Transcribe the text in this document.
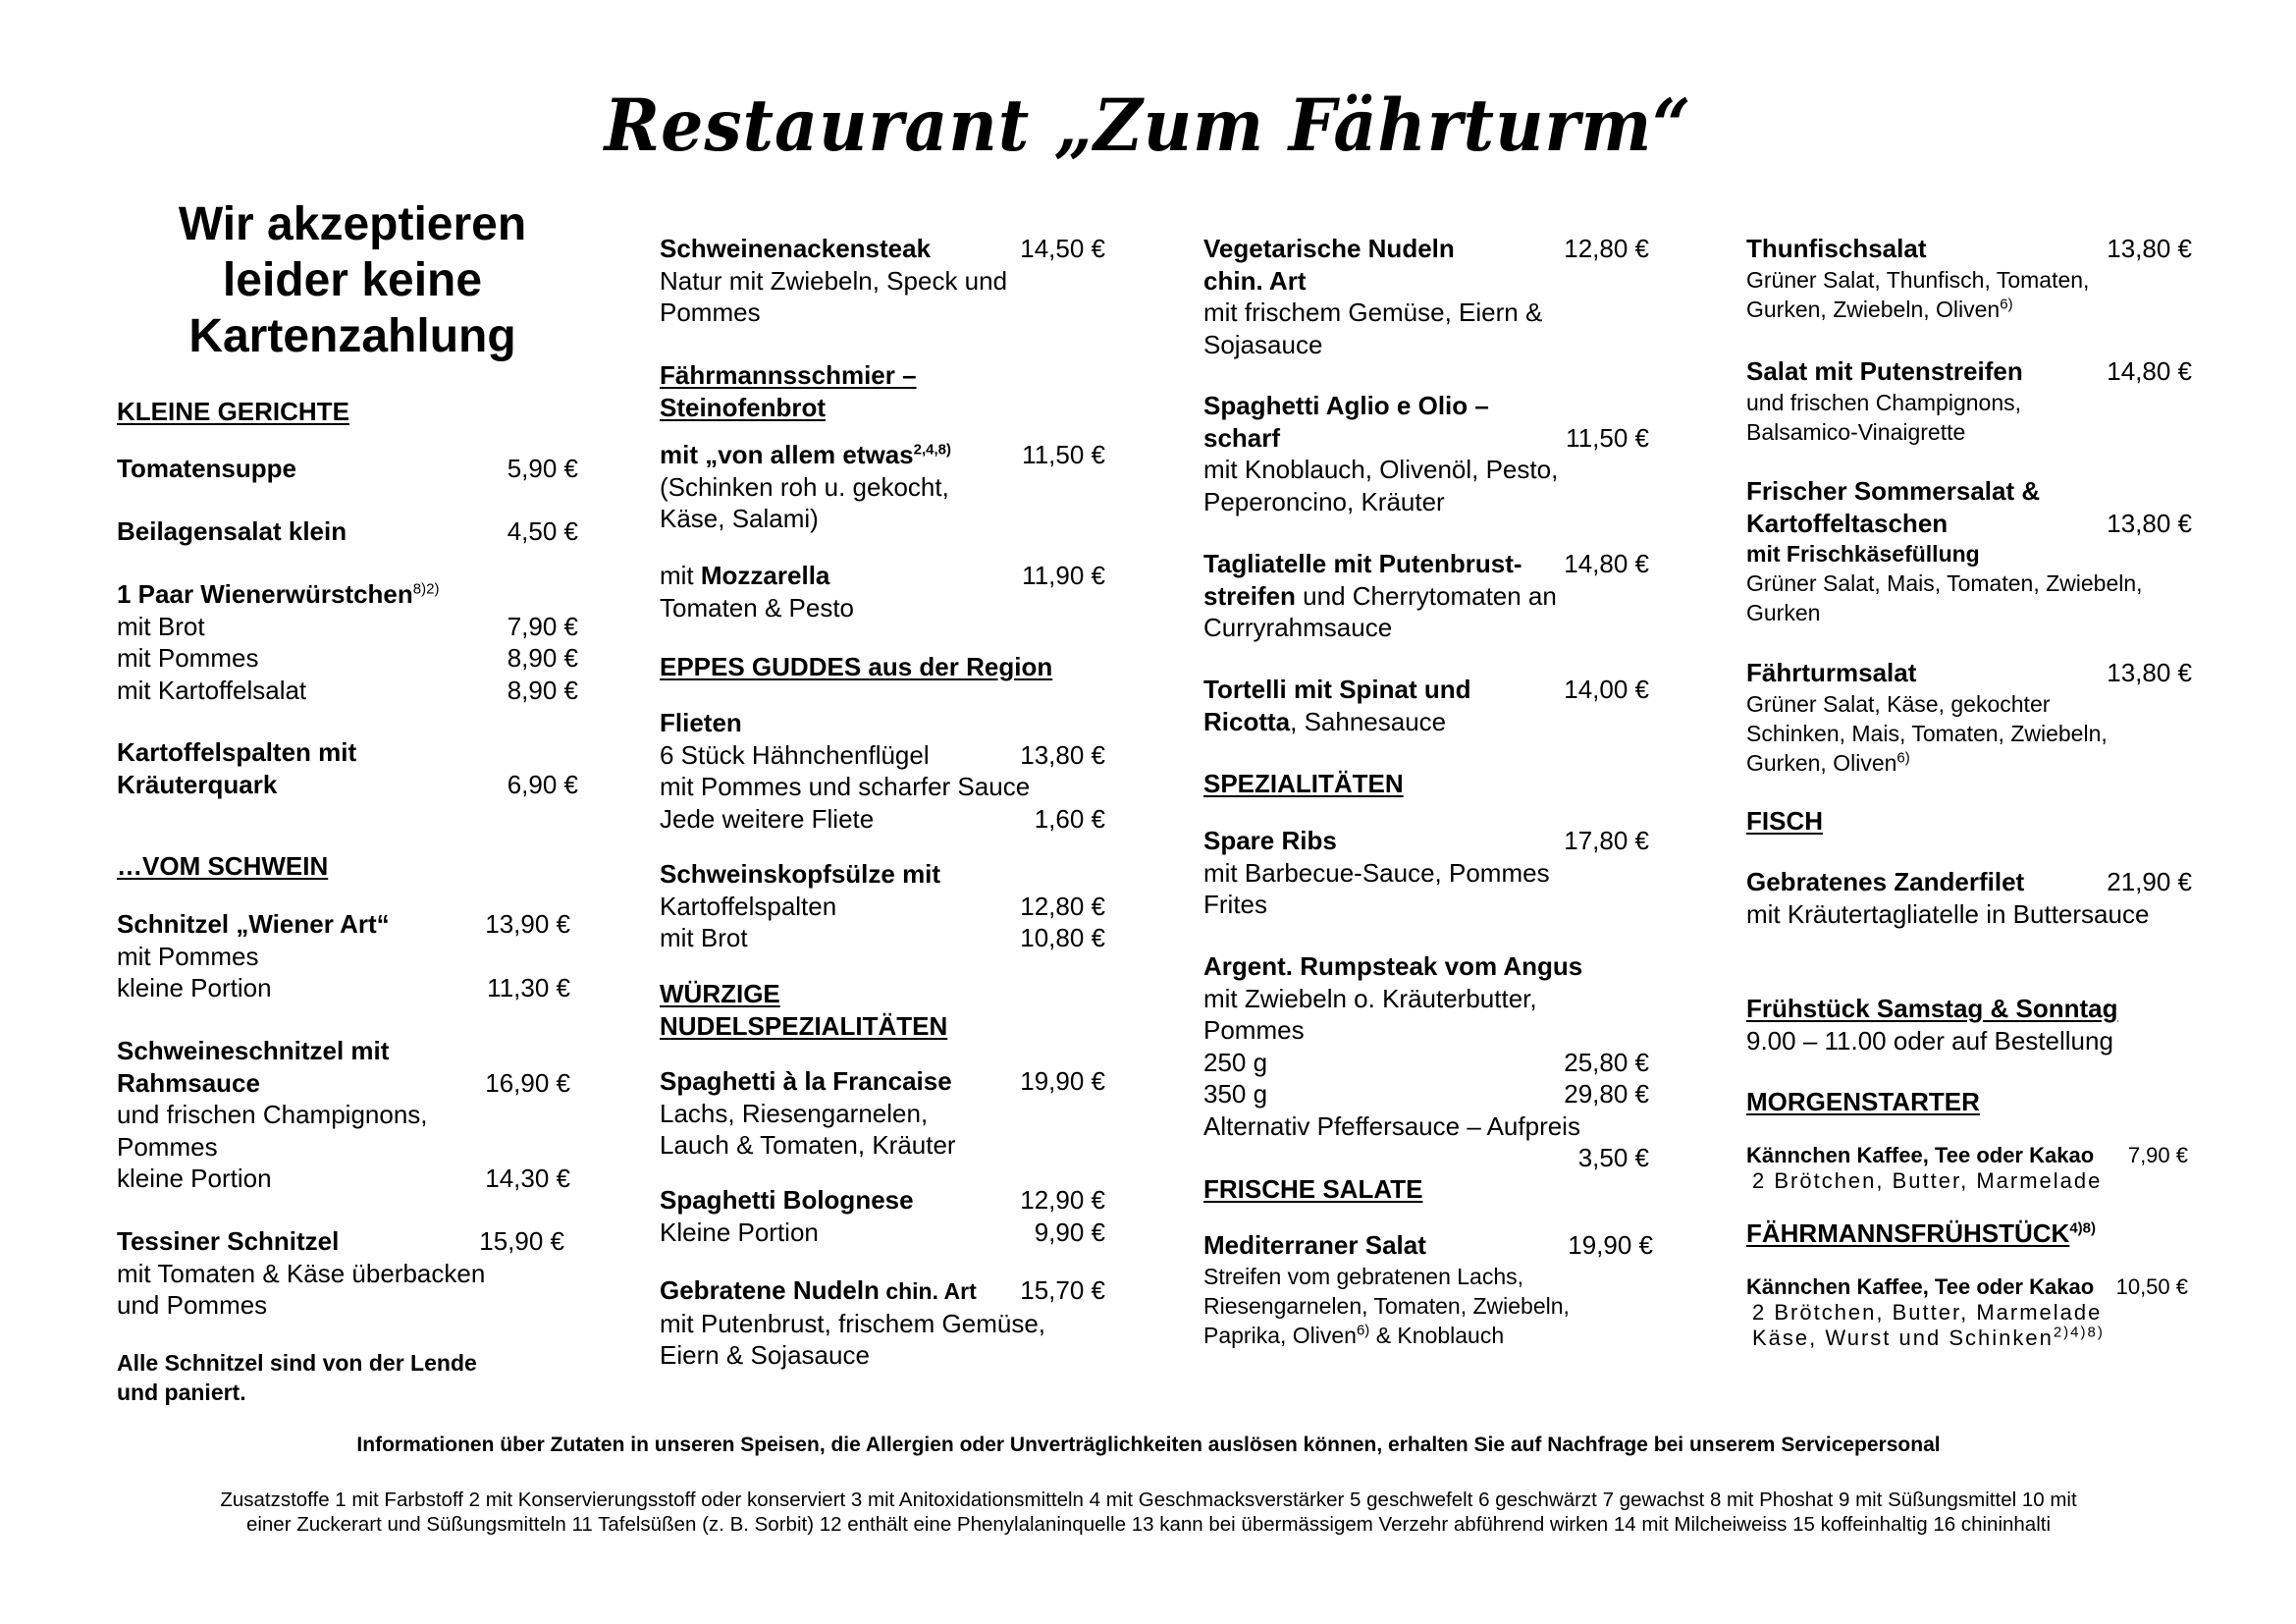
Restaurant „Zum Fährturm“
Wir akzeptieren
leider keine
Kartenzahlung
KLEINE GERICHTE
Tomatensuppe	5,90 €
Beilagensalat klein	4,50 €
1 Paar Wienerwürstchen$^{8)2)}$
mit Brot	7,90 €
mit Pommes	8,90 €
mit Kartoffelsalat	8,90 €
Kartoffelspalten mit
Kräuterquark	6,90 €
…VOM SCHWEIN
Schnitzel „Wiener Art“	13,90 €
mit Pommes
kleine Portion	11,30 €
Schweineschnitzel mit
Rahmsauce	16,90 €
und frischen Champignons,
Pommes
kleine Portion	14,30 €
Tessiner Schnitzel	15,90 €
mit Tomaten & Käse überbacken
und Pommes
Alle Schnitzel sind von der Lende
und paniert.
Schweinenackensteak	14,50 €
Natur mit Zwiebeln, Speck und
Pommes
Fährmannsschmier –
Steinofenbrot
mit „von allem etwas$^{2,4,8)}$	11,50 €
(Schinken roh u. gekocht,
Käse, Salami)
mit Mozzarella	11,90 €
Tomaten & Pesto
EPPES GUDDES aus der Region
Flieten
6 Stück Hähnchenflügel	13,80 €
mit Pommes und scharfer Sauce
Jede weitere Fliete	1,60 €
Schweinskopfsülze mit
Kartoffelspalten	12,80 €
mit Brot	10,80 €
WÜRZIGE
NUDELSPEZIALITÄTEN
Spaghetti à la Francaise	19,90 €
Lachs, Riesengarnelen,
Lauch & Tomaten, Kräuter
Spaghetti Bolognese	12,90 €
Kleine Portion	9,90 €
Gebratene Nudeln chin. Art	15,70 €
mit Putenbrust, frischem Gemüse,
Eiern & Sojasauce
Vegetarische Nudeln	12,80 €
chin. Art
mit frischem Gemüse, Eiern &
Sojasauce
Spaghetti Aglio e Olio –
scharf	11,50 €
mit Knoblauch, Olivenöl, Pesto,
Peperoncino, Kräuter
Tagliatelle mit Putenbrust-	14,80 €
streifen und Cherrytomaten an
Curryrahmsauce
Tortelli mit Spinat und	14,00 €
Ricotta, Sahnesauce
SPEZIALITÄTEN
Spare Ribs	17,80 €
mit Barbecue-Sauce, Pommes
Frites
Argent. Rumpsteak vom Angus
mit Zwiebeln o. Kräuterbutter,
Pommes
250 g	25,80 €
350 g	29,80 €
Alternativ Pfeffersauce – Aufpreis
3,50 €
FRISCHE SALATE
Mediterraner Salat	19,90 €
Streifen vom gebratenen Lachs,
Riesengarnelen, Tomaten, Zwiebeln,
Paprika, Oliven$^{6)}$ & Knoblauch
Thunfischsalat	13,80 €
Grüner Salat, Thunfisch, Tomaten,
Gurken, Zwiebeln, Oliven$^{6)}$
Salat mit Putenstreifen	14,80 €
und frischen Champignons,
Balsamico-Vinaigrette
Frischer Sommersalat &
Kartoffeltaschen	13,80 €
mit Frischkäsefüllung
Grüner Salat, Mais, Tomaten, Zwiebeln,
Gurken
Fährturmsalat	13,80 €
Grüner Salat, Käse, gekochter
Schinken, Mais, Tomaten, Zwiebeln,
Gurken, Oliven$^{6)}$
FISCH
Gebratenes Zanderfilet	21,90 €
mit Kräutertagliatelle in Buttersauce
Frühstück Samstag & Sonntag
9.00 – 11.00 oder auf Bestellung
MORGENSTARTER
Kännchen Kaffee, Tee oder Kakao	7,90 €
2 Brötchen, Butter, Marmelade
$FÄHRMANNSFRÜHSTÜCK^{4)8)}$
Kännchen Kaffee, Tee oder Kakao	10,50 €
2 Brötchen, Butter, Marmelade
Käse, Wurst und Schinken$^{2)4)8)}$
Informationen über Zutaten in unseren Speisen, die Allergien oder Unverträglichkeiten auslösen können, erhalten Sie auf Nachfrage bei unserem Servicepersonal
Zusatzstoffe 1 mit Farbstoff 2 mit Konservierungsstoff oder konserviert 3 mit Anitoxidationsmitteln 4 mit Geschmacksverstärker 5 geschwefelt 6 geschwärzt 7 gewachst 8 mit Phoshat 9 mit Süßungsmittel 10 mit
einer Zuckerart und Süßungsmitteln 11 Tafelsüßen (z. B. Sorbit) 12 enthält eine Phenylalaninquelle 13 kann bei übermässigem Verzehr abführend wirken 14 mit Milcheiweiss 15 koffeinhaltig 16 chininhalti
